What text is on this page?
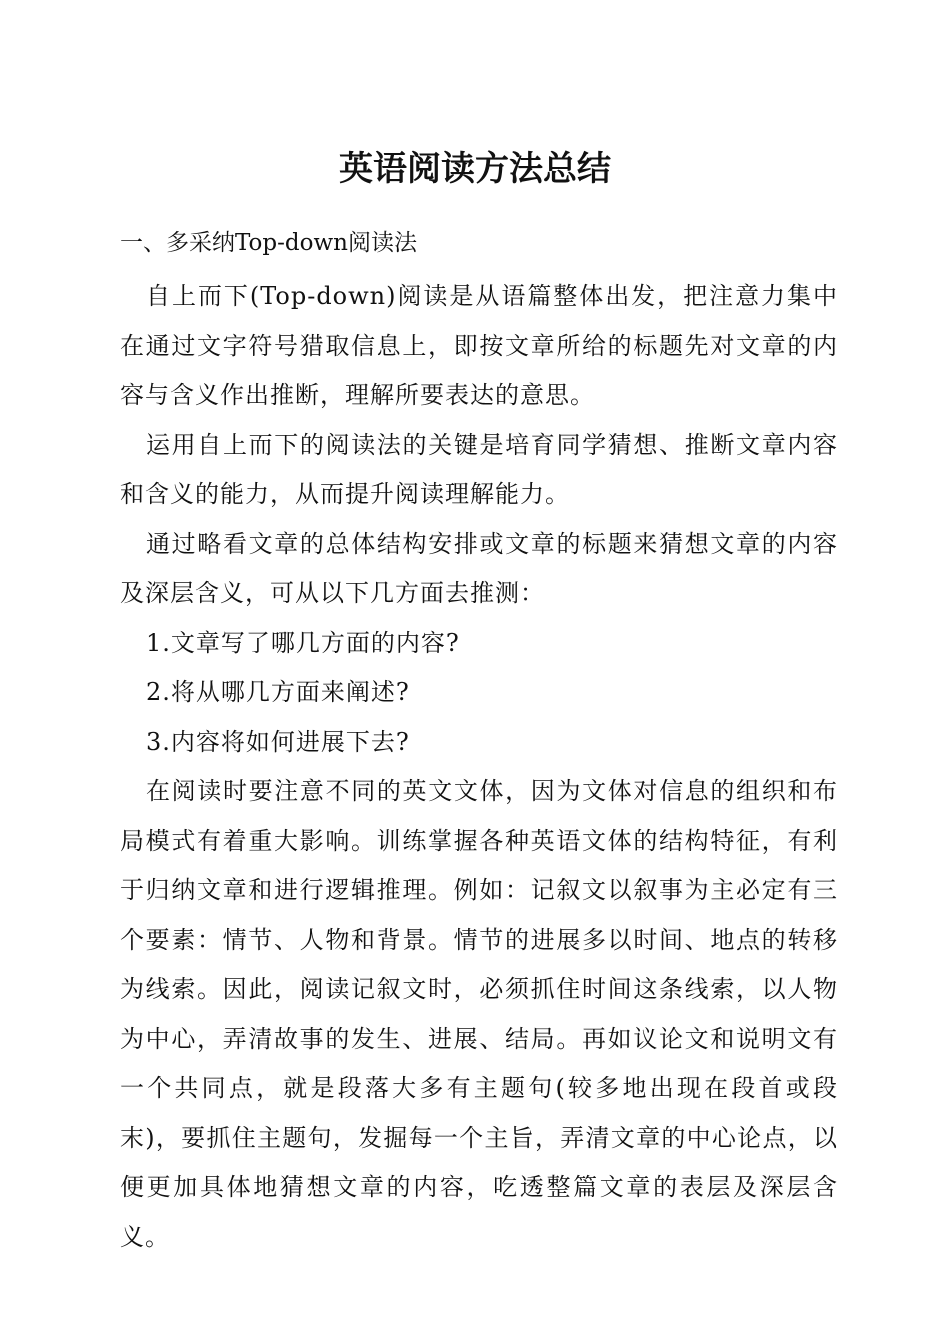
英语阅读方法总结

一、多采纳Top-down阅读法

自上而下(Top-down)阅读是从语篇整体出发，把注意力集中在通过文字符号猎取信息上，即按文章所给的标题先对文章的内容与含义作出推断，理解所要表达的意思。

运用自上而下的阅读法的关键是培育同学猜想、推断文章内容和含义的能力，从而提升阅读理解能力。

通过略看文章的总体结构安排或文章的标题来猜想文章的内容及深层含义，可从以下几方面去推测：

1.文章写了哪几方面的内容?

2.将从哪几方面来阐述?

3.内容将如何进展下去?

在阅读时要注意不同的英文文体，因为文体对信息的组织和布局模式有着重大影响。训练掌握各种英语文体的结构特征，有利于归纳文章和进行逻辑推理。例如：记叙文以叙事为主必定有三个要素：情节、人物和背景。情节的进展多以时间、地点的转移为线索。因此，阅读记叙文时，必须抓住时间这条线索，以人物为中心，弄清故事的发生、进展、结局。再如议论文和说明文有一个共同点，就是段落大多有主题句(较多地出现在段首或段末)，要抓住主题句，发掘每一个主旨，弄清文章的中心论点，以便更加具体地猜想文章的内容，吃透整篇文章的表层及深层含义。
